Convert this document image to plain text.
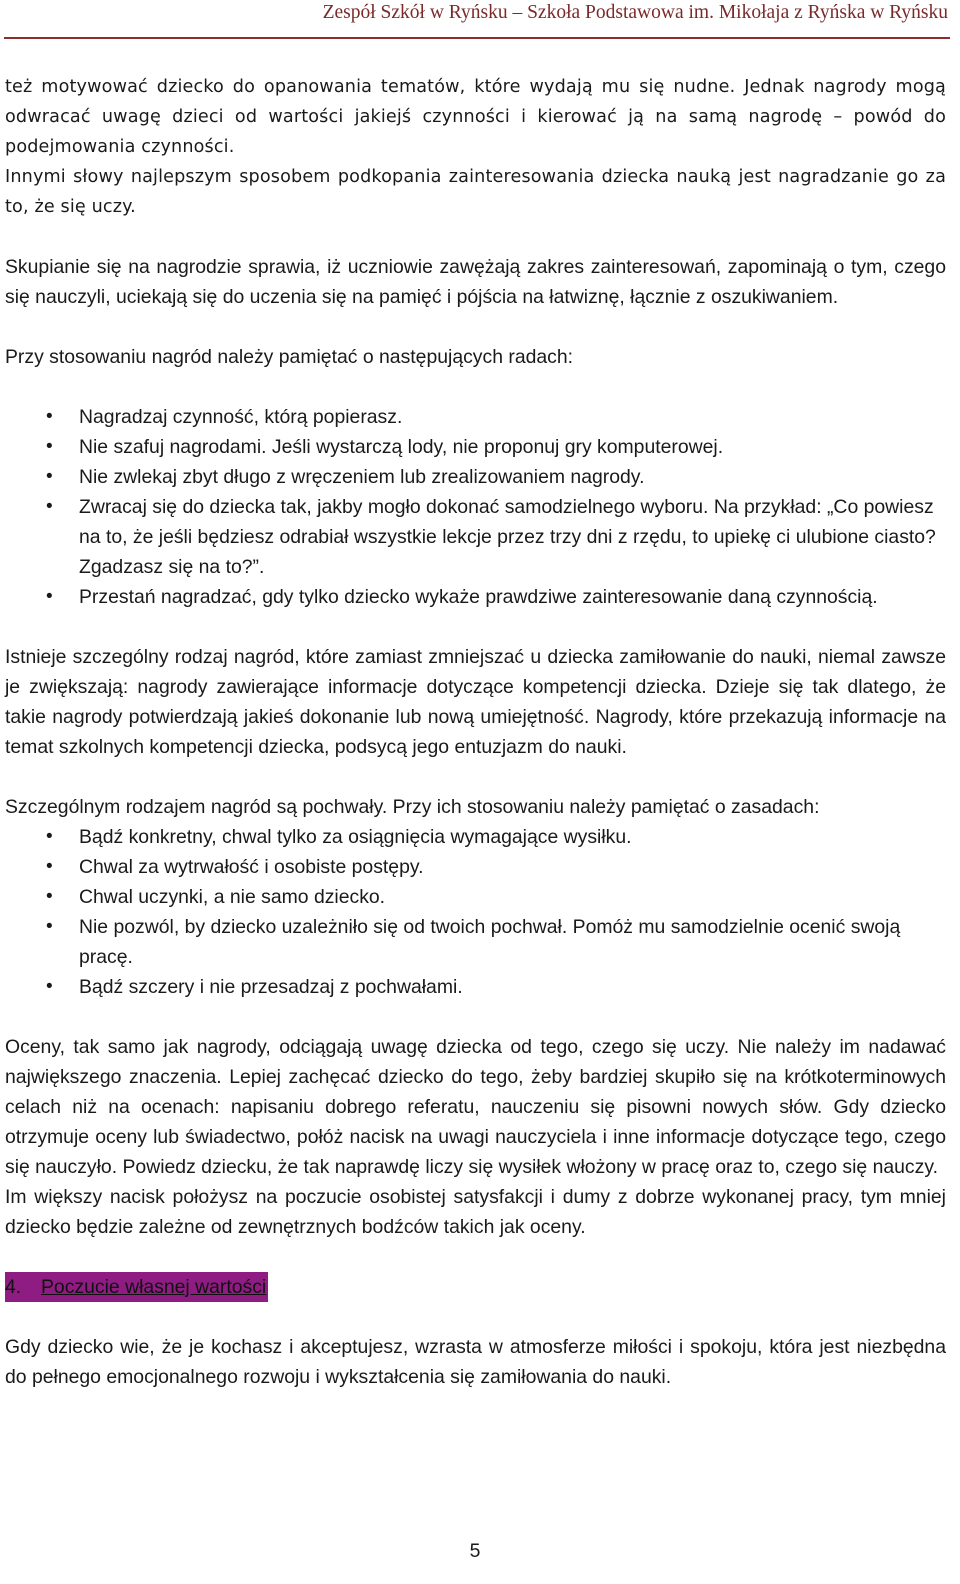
Zespół Szkół w Ryńsku – Szkoła Podstawowa im. Mikołaja z Ryńska w Ryńsku

też motywować dziecko do opanowania tematów, które wydają mu się nudne. Jednak nagrody mogą odwracać uwagę dzieci od wartości jakiejś czynności i kierować ją na samą nagrodę – powód do podejmowania czynności.

Innymi słowy najlepszym sposobem podkopania zainteresowania dziecka nauką jest nagradzanie go za to, że się uczy.

Skupianie się na nagrodzie sprawia, iż uczniowie zawężają zakres zainteresowań, zapominają o tym, czego się nauczyli, uciekają się do uczenia się na pamięć i pójścia na łatwiznę, łącznie z oszukiwaniem.

Przy stosowaniu nagród należy pamiętać o następujących radach:

• Nagradzaj czynność, którą popierasz.
• Nie szafuj nagrodami. Jeśli wystarczą lody, nie proponuj gry komputerowej.
• Nie zwlekaj zbyt długo z wręczeniem lub zrealizowaniem nagrody.
• Zwracaj się do dziecka tak, jakby mogło dokonać samodzielnego wyboru. Na przykład: „Co powiesz na to, że jeśli będziesz odrabiał wszystkie lekcje przez trzy dni z rzędu, to upiekę ci ulubione ciasto? Zgadzasz się na to?”.
• Przestań nagradzać, gdy tylko dziecko wykaże prawdziwe zainteresowanie daną czynnością.

Istnieje szczególny rodzaj nagród, które zamiast zmniejszać u dziecka zamiłowanie do nauki, niemal zawsze je zwiększają: nagrody zawierające informacje dotyczące kompetencji dziecka. Dzieje się tak dlatego, że takie nagrody potwierdzają jakieś dokonanie lub nową umiejętność. Nagrody, które przekazują informacje na temat szkolnych kompetencji dziecka, podsycą jego entuzjazm do nauki.

Szczególnym rodzajem nagród są pochwały. Przy ich stosowaniu należy pamiętać o zasadach:

• Bądź konkretny, chwal tylko za osiągnięcia wymagające wysiłku.
• Chwal za wytrwałość i osobiste postępy.
• Chwal uczynki, a nie samo dziecko.
• Nie pozwól, by dziecko uzależniło się od twoich pochwał. Pomóż mu samodzielnie ocenić swoją pracę.
• Bądź szczery i nie przesadzaj z pochwałami.

Oceny, tak samo jak nagrody, odciągają uwagę dziecka od tego, czego się uczy. Nie należy im nadawać największego znaczenia. Lepiej zachęcać dziecko do tego, żeby bardziej skupiło się na krótkoterminowych celach niż na ocenach: napisaniu dobrego referatu, nauczeniu się pisowni nowych słów. Gdy dziecko otrzymuje oceny lub świadectwo, połóż nacisk na uwagi nauczyciela i inne informacje dotyczące tego, czego się nauczyło. Powiedz dziecku, że tak naprawdę liczy się wysiłek włożony w pracę oraz to, czego się nauczy.

Im większy nacisk położysz na poczucie osobistej satysfakcji i dumy z dobrze wykonanej pracy, tym mniej dziecko będzie zależne od zewnętrznych bodźców takich jak oceny.

4. Poczucie własnej wartości

Gdy dziecko wie, że je kochasz i akceptujesz, wzrasta w atmosferze miłości i spokoju, która jest niezbędna do pełnego emocjonalnego rozwoju i wykształcenia się zamiłowania do nauki.

5
